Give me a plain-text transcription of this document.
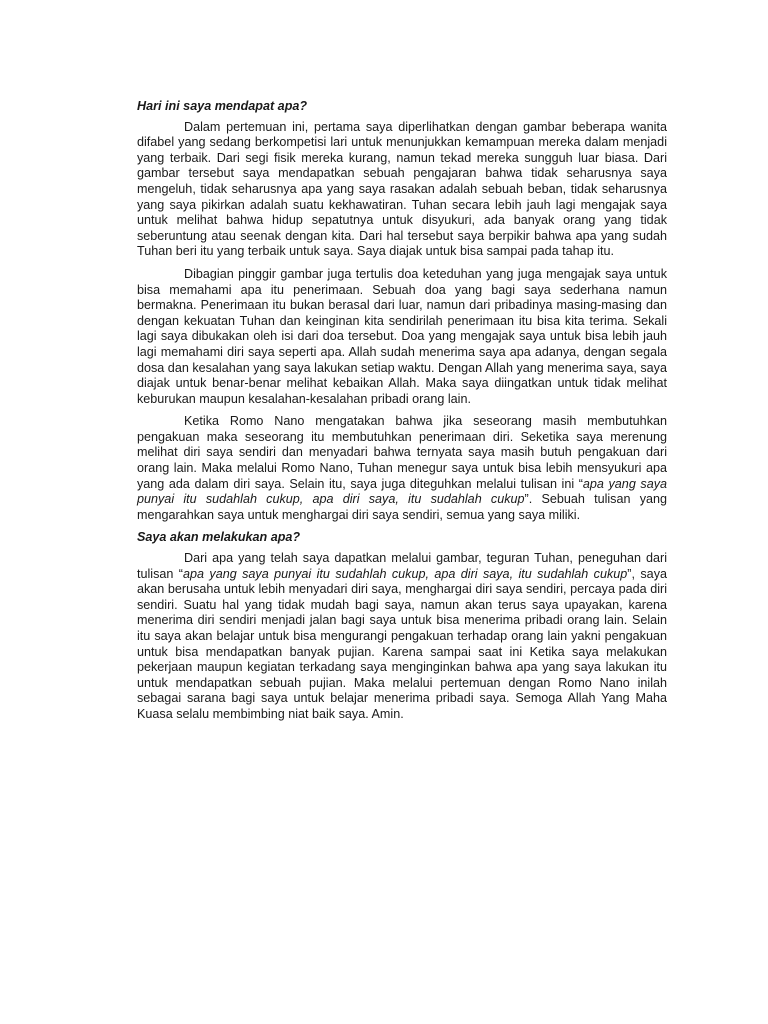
Hari ini saya mendapat apa?

Dalam pertemuan ini, pertama saya diperlihatkan dengan gambar beberapa wanita difabel yang sedang berkompetisi lari untuk menunjukkan kemampuan mereka dalam menjadi yang terbaik. Dari segi fisik mereka kurang, namun tekad mereka sungguh luar biasa. Dari gambar tersebut saya mendapatkan sebuah pengajaran bahwa tidak seharusnya saya mengeluh, tidak seharusnya apa yang saya rasakan adalah sebuah beban, tidak seharusnya yang saya pikirkan adalah suatu kekhawatiran. Tuhan secara lebih jauh lagi mengajak saya untuk melihat bahwa hidup sepatutnya untuk disyukuri, ada banyak orang yang tidak seberuntung atau seenak dengan kita. Dari hal tersebut saya berpikir bahwa apa yang sudah Tuhan beri itu yang terbaik untuk saya. Saya diajak untuk bisa sampai pada tahap itu.

Dibagian pinggir gambar juga tertulis doa keteduhan yang juga mengajak saya untuk bisa memahami apa itu penerimaan. Sebuah doa yang bagi saya sederhana namun bermakna. Penerimaan itu bukan berasal dari luar, namun dari pribadinya masing-masing dan dengan kekuatan Tuhan dan keinginan kita sendirilah penerimaan itu bisa kita terima. Sekali lagi saya dibukakan oleh isi dari doa tersebut. Doa yang mengajak saya untuk bisa lebih jauh lagi memahami diri saya seperti apa. Allah sudah menerima saya apa adanya, dengan segala dosa dan kesalahan yang saya lakukan setiap waktu. Dengan Allah yang menerima saya, saya diajak untuk benar-benar melihat kebaikan Allah. Maka saya diingatkan untuk tidak melihat keburukan maupun kesalahan-kesalahan pribadi orang lain.

Ketika Romo Nano mengatakan bahwa jika seseorang masih membutuhkan pengakuan maka seseorang itu membutuhkan penerimaan diri. Seketika saya merenung melihat diri saya sendiri dan menyadari bahwa ternyata saya masih butuh pengakuan dari orang lain. Maka melalui Romo Nano, Tuhan menegur saya untuk bisa lebih mensyukuri apa yang ada dalam diri saya. Selain itu, saya juga diteguhkan melalui tulisan ini “apa yang saya punyai itu sudahlah cukup, apa diri saya, itu sudahlah cukup”. Sebuah tulisan yang mengarahkan saya untuk menghargai diri saya sendiri, semua yang saya miliki.

Saya akan melakukan apa?

Dari apa yang telah saya dapatkan melalui gambar, teguran Tuhan, peneguhan dari tulisan “apa yang saya punyai itu sudahlah cukup, apa diri saya, itu sudahlah cukup”, saya akan berusaha untuk lebih menyadari diri saya, menghargai diri saya sendiri, percaya pada diri sendiri. Suatu hal yang tidak mudah bagi saya, namun akan terus saya upayakan, karena menerima diri sendiri menjadi jalan bagi saya untuk bisa menerima pribadi orang lain. Selain itu saya akan belajar untuk bisa mengurangi pengakuan terhadap orang lain yakni pengakuan untuk bisa mendapatkan banyak pujian. Karena sampai saat ini Ketika saya melakukan pekerjaan maupun kegiatan terkadang saya menginginkan bahwa apa yang saya lakukan itu untuk mendapatkan sebuah pujian. Maka melalui pertemuan dengan Romo Nano inilah sebagai sarana bagi saya untuk belajar menerima pribadi saya. Semoga Allah Yang Maha Kuasa selalu membimbing niat baik saya. Amin.
